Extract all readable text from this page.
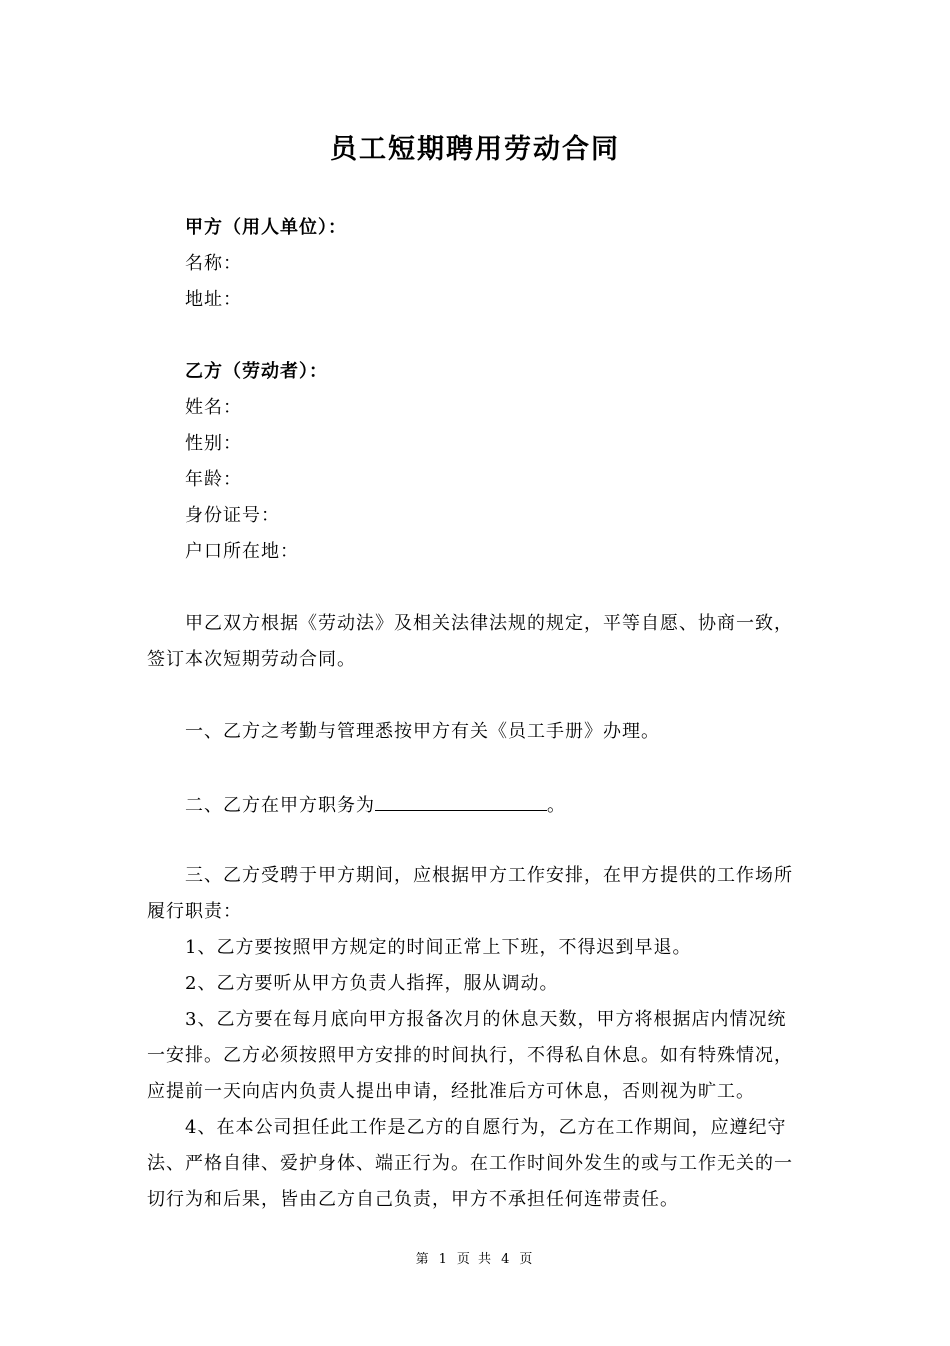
员工短期聘用劳动合同
甲方（用人单位）：
名称：
地址：
乙方（劳动者）：
姓名：
性别：
年龄：
身份证号：
户口所在地：
甲乙双方根据《劳动法》及相关法律法规的规定，平等自愿、协商一致，
签订本次短期劳动合同。
一、乙方之考勤与管理悉按甲方有关《员工手册》办理。
二、乙方在甲方职务为	。
三、乙方受聘于甲方期间，应根据甲方工作安排，在甲方提供的工作场所
履行职责：
1、乙方要按照甲方规定的时间正常上下班，不得迟到早退。
2、乙方要听从甲方负责人指挥，服从调动。
3、乙方要在每月底向甲方报备次月的休息天数，甲方将根据店内情况统
一安排。乙方必须按照甲方安排的时间执行，不得私自休息。如有特殊情况，
应提前一天向店内负责人提出申请，经批准后方可休息，否则视为旷工。
4、在本公司担任此工作是乙方的自愿行为，乙方在工作期间，应遵纪守
法、严格自律、爱护身体、端正行为。在工作时间外发生的或与工作无关的一
切行为和后果，皆由乙方自己负责，甲方不承担任何连带责任。
第 1 页 共 4 页
